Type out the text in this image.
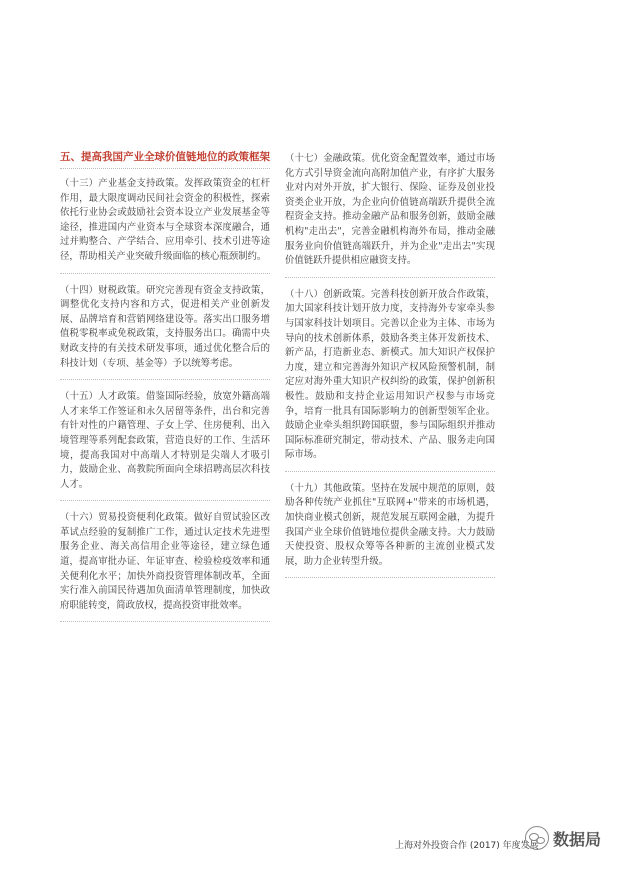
五、提高我国产业全球价值链地位的政策框架

（十三）产业基金支持政策。发挥政策资金的杠杆作用，最大限度调动民间社会资金的积极性，探索依托行业协会或鼓励社会资本设立产业发展基金等途径，推进国内产业资本与全球资本深度融合，通过并购整合、产学结合、应用牵引、技术引进等途径，帮助相关产业突破升级面临的核心瓶颈制约。

（十四）财税政策。研究完善现有资金支持政策，调整优化支持内容和方式，促进相关产业创新发展、品牌培育和营销网络建设等。落实出口服务增值税零税率或免税政策，支持服务出口。确需中央财政支持的有关技术研发事项，通过优化整合后的科技计划（专项、基金等）予以统筹考虑。

（十五）人才政策。借鉴国际经验，放宽外籍高端人才来华工作签证和永久居留等条件，出台和完善有针对性的户籍管理、子女上学、住房便利、出入境管理等系列配套政策，营造良好的工作、生活环境，提高我国对中高端人才特别是尖端人才吸引力，鼓励企业、高教院所面向全球招聘高层次科技人才。

（十六）贸易投资便利化政策。做好自贸试验区改革试点经验的复制推广工作，通过认定技术先进型服务企业、海关高信用企业等途径，建立绿色通道，提高审批办证、年证审查、检验检疫效率和通关便利化水平；加快外商投资管理体制改革，全面实行准入前国民待遇加负面清单管理制度，加快政府职能转变，简政放权，提高投资审批效率。

（十七）金融政策。优化资金配置效率，通过市场化方式引导资金流向高附加值产业，有序扩大服务业对内对外开放，扩大银行、保险、证券及创业投资类企业开放，为企业向价值链高端跃升提供全流程资金支持。推动金融产品和服务创新，鼓励金融机构"走出去"，完善金融机构海外布局，推动金融服务业向价值链高端跃升，并为企业"走出去"实现价值链跃升提供相应融资支持。

（十八）创新政策。完善科技创新开放合作政策，加大国家科技计划开放力度，支持海外专家牵头参与国家科技计划项目。完善以企业为主体、市场为导向的技术创新体系，鼓励各类主体开发新技术、新产品，打造新业态、新模式。加大知识产权保护力度，建立和完善海外知识产权风险预警机制，制定应对海外重大知识产权纠纷的政策，保护创新积极性。鼓励和支持企业运用知识产权参与市场竞争，培育一批具有国际影响力的创新型领军企业。鼓励企业牵头组织跨国联盟，参与国际组织并推动国际标准研究制定，带动技术、产品、服务走向国际市场。

（十九）其他政策。坚持在发展中规范的原则，鼓励各种传统产业抓住"互联网+"带来的市场机遇，加快商业模式创新，规范发展互联网金融，为提升我国产业全球价值链地位提供金融支持。大力鼓励天使投资、股权众筹等各种新的主流创业模式发展，助力企业转型升级。

上海对外投资合作 (2017) 年度发展 数据局
